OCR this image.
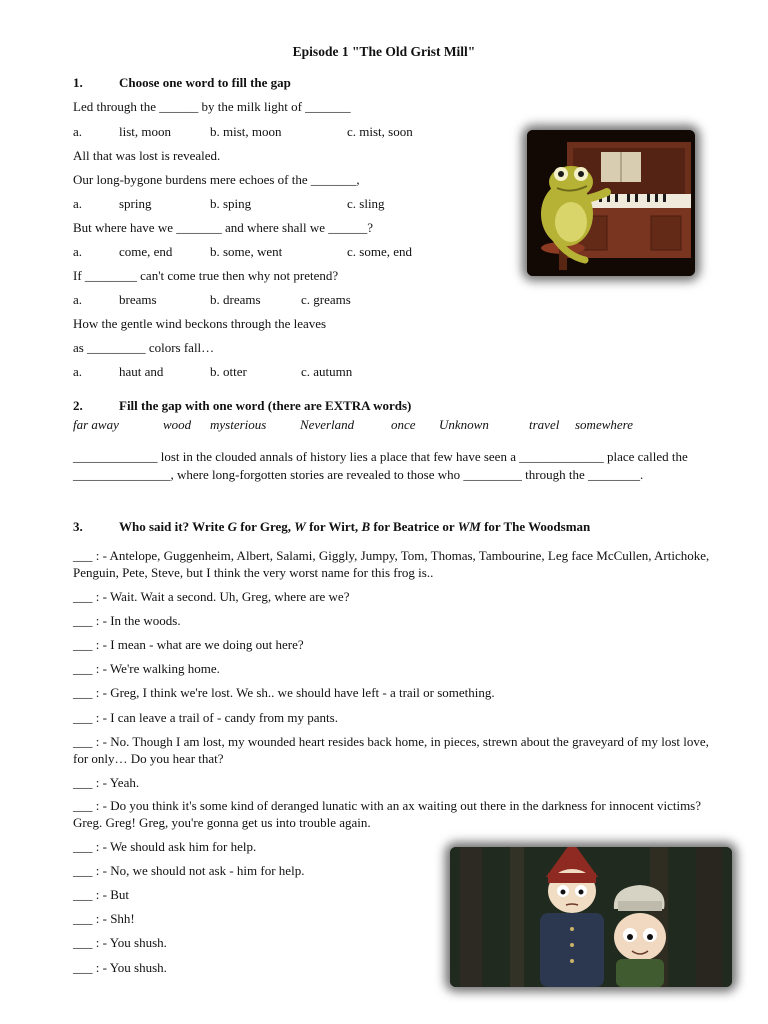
Episode 1 "The Old Grist Mill"
1.	Choose one word to fill the gap
Led through the ______ by the milk light of _______
a.	list, moon	b. mist, moon	c. mist, soon
All that was lost is revealed.
Our long-bygone burdens mere echoes of the _______,
a.	spring	b. sping	c. sling
But where have we _______ and where shall we ______?
a.	come, end	b. some, went	c. some, end
If ________ can't come true then why not pretend?
a.	breams	b. dreams	c. greams
How the gentle wind beckons through the leaves
as _________ colors fall…
a.	haut and	b. otter	c. autumn
2.	Fill the gap with one word (there are EXTRA words)
far away	wood mysterious	Neverland	once Unknown	travel somewhere
_____________ lost in the clouded annals of history lies a place that few have seen a _____________ place called the _______________, where long-forgotten stories are revealed to those who _________ through the ________.
3.	Who said it? Write G for Greg, W for Wirt, B for Beatrice or WM for The Woodsman
___ : - Antelope, Guggenheim, Albert, Salami, Giggly, Jumpy, Tom, Thomas, Tambourine, Leg face McCullen, Artichoke, Penguin, Pete, Steve, but I think the very worst name for this frog is..
___ : - Wait. Wait a second. Uh, Greg, where are we?
___ : - In the woods.
___ : - I mean - what are we doing out here?
___ : - We're walking home.
___ : - Greg, I think we're lost. We sh.. we should have left - a trail or something.
___ : - I can leave a trail of - candy from my pants.
___ : - No. Though I am lost, my wounded heart resides back home, in pieces, strewn about the graveyard of my lost love, for only… Do you hear that?
___ : - Yeah.
___ : - Do you think it's some kind of deranged lunatic with an ax waiting out there in the darkness for innocent victims? Greg. Greg! Greg, you're gonna get us into trouble again.
___ : - We should ask him for help.
___ : - No, we should not ask - him for help.
___ : - But
___ : - Shh!
___ : - You shush.
___ : - You shush.
